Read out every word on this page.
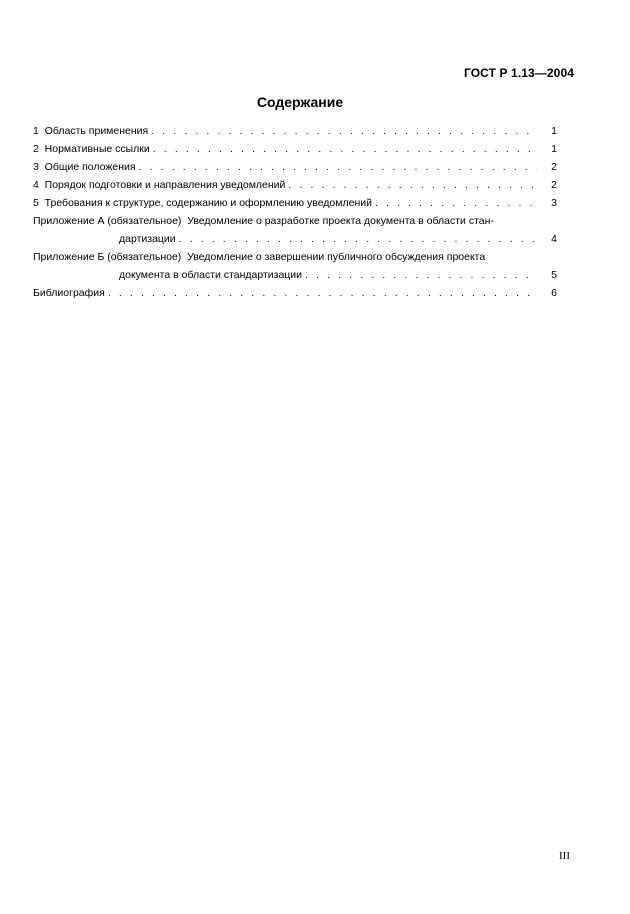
ГОСТ Р 1.13—2004
Содержание
1  Область применения . . .	1
2  Нормативные ссылки . . .	1
3  Общие положения . . .	2
4  Порядок подготовки и направления уведомлений . . .	2
5  Требования к структуре, содержанию и оформлению уведомлений . . .	3
Приложение А (обязательное)  Уведомление о разработке проекта документа в области стан-
дартизации . . .	4
Приложение Б (обязательное)  Уведомление о завершении публичного обсуждения проекта
документа в области стандартизации . . .	5
Библиография . . .	6
III
